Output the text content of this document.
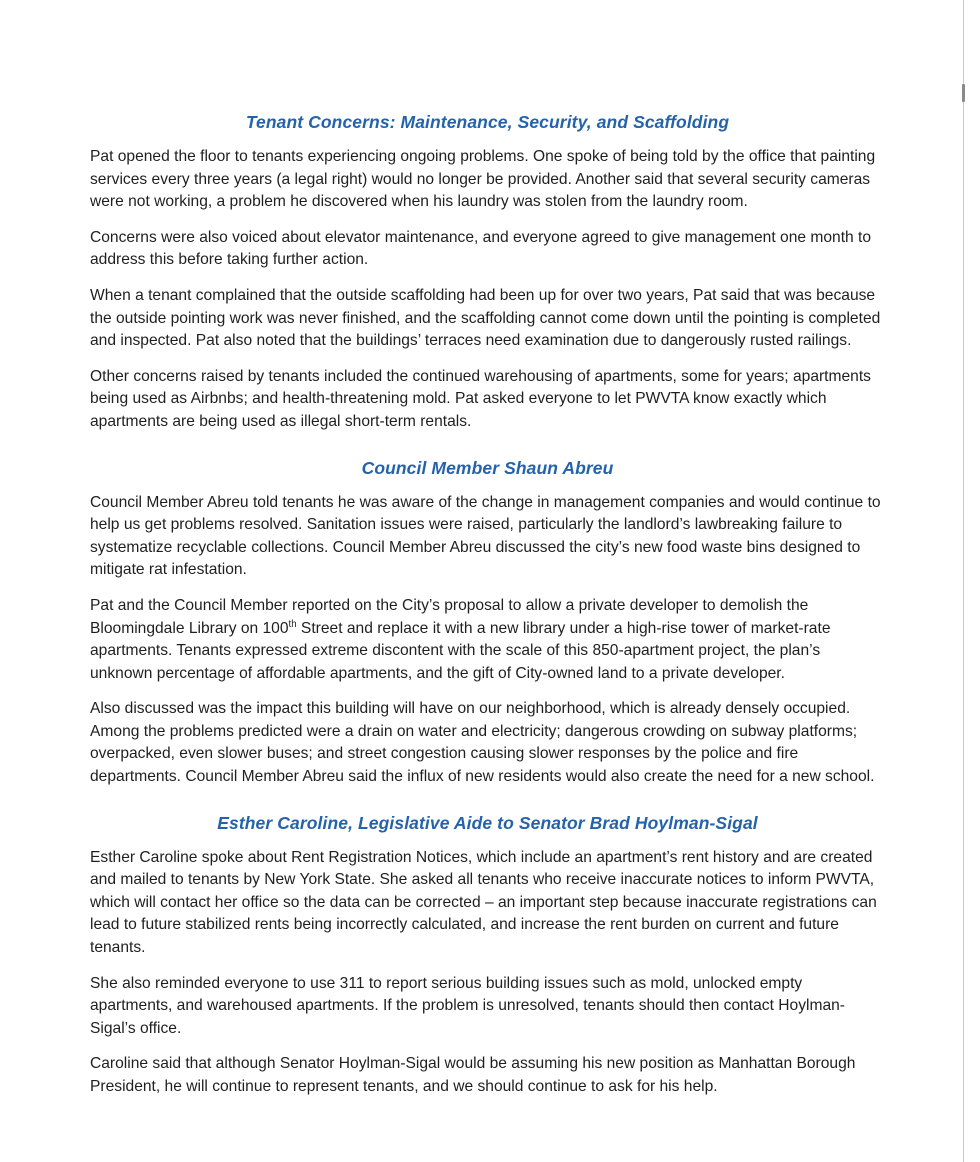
Tenant Concerns: Maintenance, Security, and Scaffolding

Pat opened the floor to tenants experiencing ongoing problems. One spoke of being told by the office that painting services every three years (a legal right) would no longer be provided. Another said that several security cameras were not working, a problem he discovered when his laundry was stolen from the laundry room.

Concerns were also voiced about elevator maintenance, and everyone agreed to give management one month to address this before taking further action.

When a tenant complained that the outside scaffolding had been up for over two years, Pat said that was because the outside pointing work was never finished, and the scaffolding cannot come down until the pointing is completed and inspected. Pat also noted that the buildings’ terraces need examination due to dangerously rusted railings.

Other concerns raised by tenants included the continued warehousing of apartments, some for years; apartments being used as Airbnbs; and health-threatening mold. Pat asked everyone to let PWVTA know exactly which apartments are being used as illegal short-term rentals.

Council Member Shaun Abreu

Council Member Abreu told tenants he was aware of the change in management companies and would continue to help us get problems resolved. Sanitation issues were raised, particularly the landlord’s lawbreaking failure to systematize recyclable collections. Council Member Abreu discussed the city’s new food waste bins designed to mitigate rat infestation.

Pat and the Council Member reported on the City’s proposal to allow a private developer to demolish the Bloomingdale Library on 100th Street and replace it with a new library under a high-rise tower of market-rate apartments. Tenants expressed extreme discontent with the scale of this 850-apartment project, the plan’s unknown percentage of affordable apartments, and the gift of City-owned land to a private developer.

Also discussed was the impact this building will have on our neighborhood, which is already densely occupied. Among the problems predicted were a drain on water and electricity; dangerous crowding on subway platforms; overpacked, even slower buses; and street congestion causing slower responses by the police and fire departments. Council Member Abreu said the influx of new residents would also create the need for a new school.

Esther Caroline, Legislative Aide to Senator Brad Hoylman-Sigal

Esther Caroline spoke about Rent Registration Notices, which include an apartment’s rent history and are created and mailed to tenants by New York State. She asked all tenants who receive inaccurate notices to inform PWVTA, which will contact her office so the data can be corrected – an important step because inaccurate registrations can lead to future stabilized rents being incorrectly calculated, and increase the rent burden on current and future tenants.

She also reminded everyone to use 311 to report serious building issues such as mold, unlocked empty apartments, and warehoused apartments. If the problem is unresolved, tenants should then contact Hoylman-Sigal’s office.

Caroline said that although Senator Hoylman-Sigal would be assuming his new position as Manhattan Borough President, he will continue to represent tenants, and we should continue to ask for his help.
